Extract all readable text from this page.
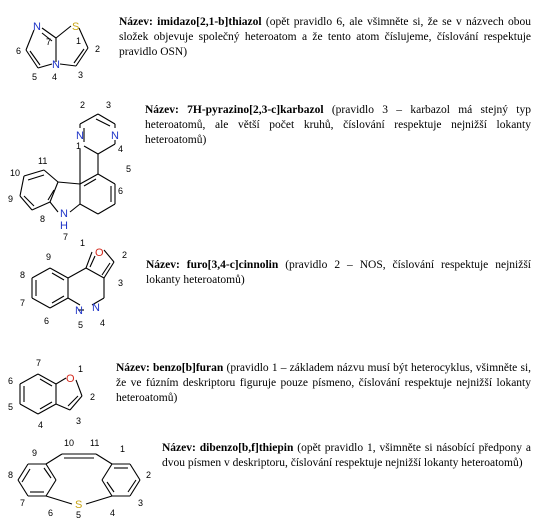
S
N
N
1
2
3
4
5
6
7
Název: imidazo[2,1-b]thiazol (opět pravidlo 6, ale všimněte si, že se v názvech obou složek objevuje společný heteroatom a že tento atom číslujeme, číslování respektuje pravidlo OSN)
N N
N
H
1
2 3
4
5
6
7
8
9
10
11
Název: 7H-pyrazino[2,3-c]karbazol (pravidlo 3 – karbazol má stejný typ heteroatomů, ale větší počet kruhů, číslování respektuje nejnižší lokanty heteroatomů)
O
N
N
1
2
3
4
5
6
7
8
9
Název: furo[3,4-c]cinnolin (pravidlo 2 – NOS, číslování respektuje nejnižší lokanty heteroatomů)
O
1
2
3
4
5
6
7	Název: benzo[b]furan (pravidlo 1 – základem názvu musí být heterocyklus, všimněte si, že ve fúzním deskriptoru figuruje pouze písmeno, číslování respektuje nejnižší lokanty heteroatomů)
S
1
2
3
4
5
6
7
8
9
10 11	Název: dibenzo[b,f]thiepin (opět pravidlo 1, všimněte si násobící předpony a dvou písmen v deskriptoru, číslování respektuje nejnižší lokanty heteroatomů)
